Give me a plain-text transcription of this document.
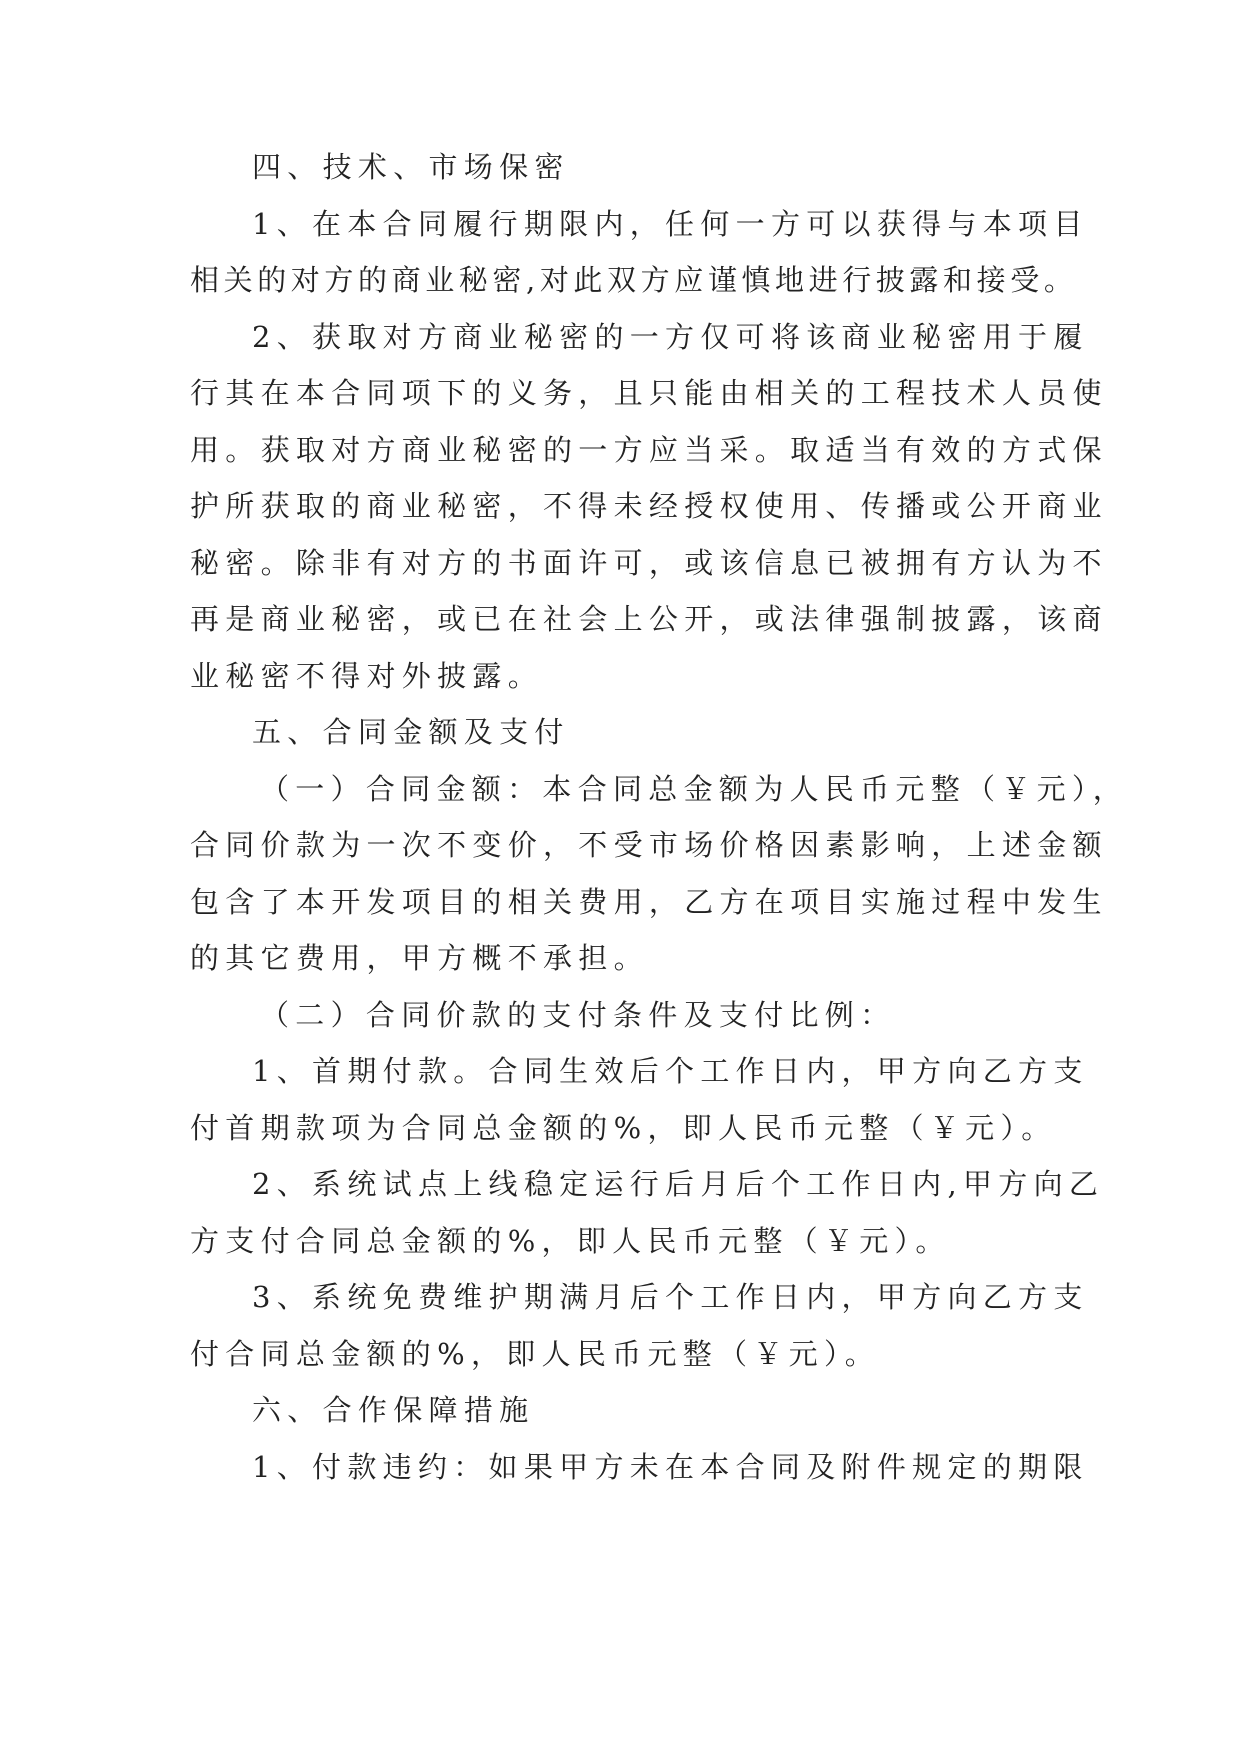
四、技术、市场保密
1、在本合同履行期限内，任何一方可以获得与本项目
相关的对方的商业秘密,对此双方应谨慎地进行披露和接受。
2、获取对方商业秘密的一方仅可将该商业秘密用于履
行其在本合同项下的义务，且只能由相关的工程技术人员使
用。获取对方商业秘密的一方应当采。取适当有效的方式保
护所获取的商业秘密，不得未经授权使用、传播或公开商业
秘密。除非有对方的书面许可，或该信息已被拥有方认为不
再是商业秘密，或已在社会上公开，或法律强制披露，该商
业秘密不得对外披露。
五、合同金额及支付
（一）合同金额：本合同总金额为人民币元整（￥元），
合同价款为一次不变价，不受市场价格因素影响，上述金额
包含了本开发项目的相关费用，乙方在项目实施过程中发生
的其它费用，甲方概不承担。
（二）合同价款的支付条件及支付比例：
1、首期付款。合同生效后个工作日内，甲方向乙方支
付首期款项为合同总金额的%，即人民币元整（￥元）。
2、系统试点上线稳定运行后月后个工作日内,甲方向乙
方支付合同总金额的%，即人民币元整（￥元）。
3、系统免费维护期满月后个工作日内，甲方向乙方支
付合同总金额的%，即人民币元整（￥元）。
六、合作保障措施
1、付款违约：如果甲方未在本合同及附件规定的期限
